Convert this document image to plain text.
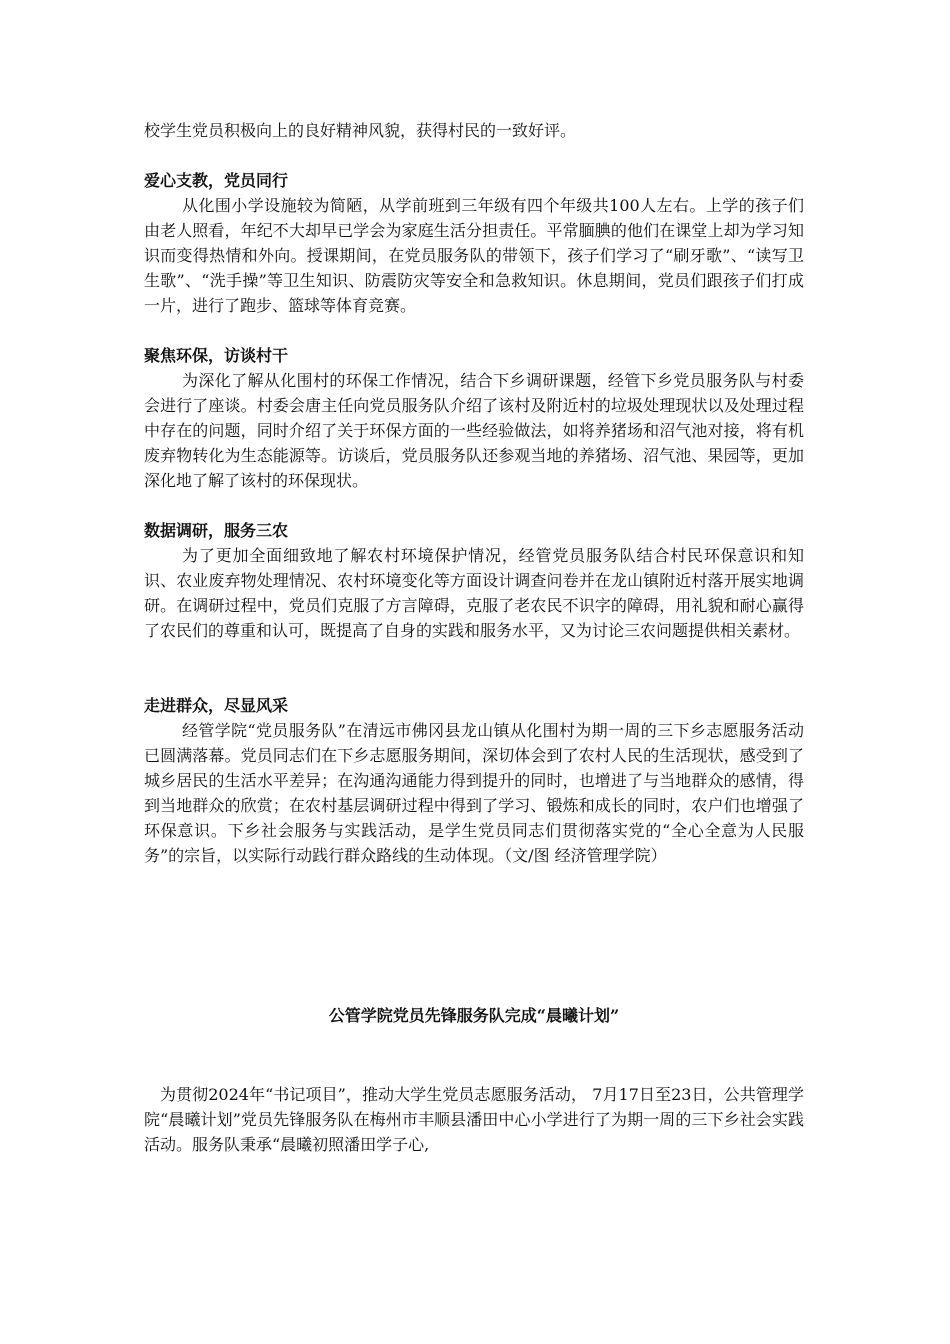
校学生党员积极向上的良好精神风貌，获得村民的一致好评。

爱心支教，党员同行

从化围小学设施较为简陋，从学前班到三年级有四个年级共100人左右。上学的孩子们由老人照看，年纪不大却早已学会为家庭生活分担责任。平常腼腆的他们在课堂上却为学习知识而变得热情和外向。授课期间，在党员服务队的带领下，孩子们学习了“刷牙歌”、“读写卫生歌”、“洗手操”等卫生知识、防震防灾等安全和急救知识。休息期间，党员们跟孩子们打成一片，进行了跑步、篮球等体育竞赛。

聚焦环保，访谈村干

为深化了解从化围村的环保工作情况，结合下乡调研课题，经管下乡党员服务队与村委会进行了座谈。村委会唐主任向党员服务队介绍了该村及附近村的垃圾处理现状以及处理过程中存在的问题，同时介绍了关于环保方面的一些经验做法，如将养猪场和沼气池对接，将有机废弃物转化为生态能源等。访谈后，党员服务队还参观当地的养猪场、沼气池、果园等，更加深化地了解了该村的环保现状。

数据调研，服务三农

为了更加全面细致地了解农村环境保护情况，经管党员服务队结合村民环保意识和知识、农业废弃物处理情况、农村环境变化等方面设计调查问卷并在龙山镇附近村落开展实地调研。在调研过程中，党员们克服了方言障碍，克服了老农民不识字的障碍，用礼貌和耐心赢得了农民们的尊重和认可，既提高了自身的实践和服务水平，又为讨论三农问题提供相关素材。

走进群众，尽显风采

经管学院“党员服务队”在清远市佛冈县龙山镇从化围村为期一周的三下乡志愿服务活动已圆满落幕。党员同志们在下乡志愿服务期间，深切体会到了农村人民的生活现状，感受到了城乡居民的生活水平差异；在沟通沟通能力得到提升的同时，也增进了与当地群众的感情，得到当地群众的欣赏；在农村基层调研过程中得到了学习、锻炼和成长的同时，农户们也增强了环保意识。下乡社会服务与实践活动，是学生党员同志们贯彻落实党的“全心全意为人民服务”的宗旨，以实际行动践行群众路线的生动体现。（文/图 经济管理学院）

公管学院党员先锋服务队完成“晨曦计划”

为贯彻2024年“书记项目”，推动大学生党员志愿服务活动， 7月17日至23日，公共管理学院“晨曦计划”党员先锋服务队在梅州市丰顺县潘田中心小学进行了为期一周的三下乡社会实践活动。服务队秉承“晨曦初照潘田学子心,
